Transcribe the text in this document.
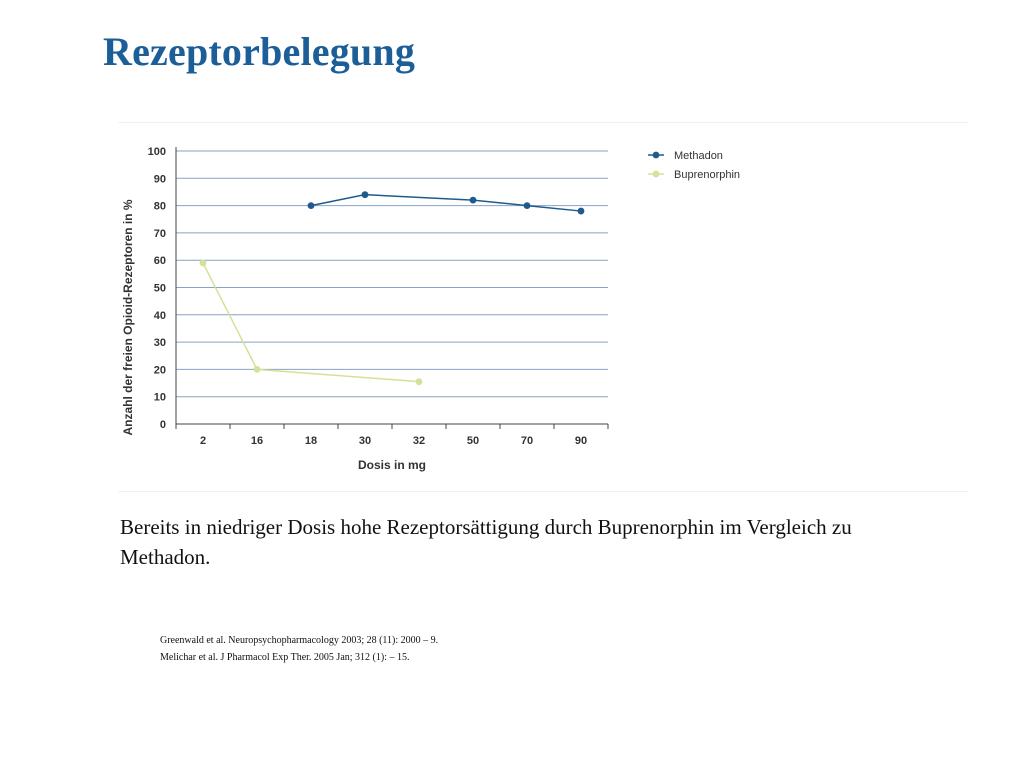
Rezeptorbelegung
0
10
20
30
40
50
60
70
80
90
100
2	16	18	30	32	50	70	90
Dosis in mg
Anzahl der freien Opioid-Rezeptoren in %
Methadon
Buprenorphin

Bereits in niedriger Dosis hohe Rezeptorsättigung durch Buprenorphin im Vergleich zu Methadon.

Greenwald et al. Neuropsychopharmacology 2003; 28 (11): 2000 – 9.
Melichar et al. J Pharmacol Exp Ther. 2005 Jan; 312 (1): – 15.
